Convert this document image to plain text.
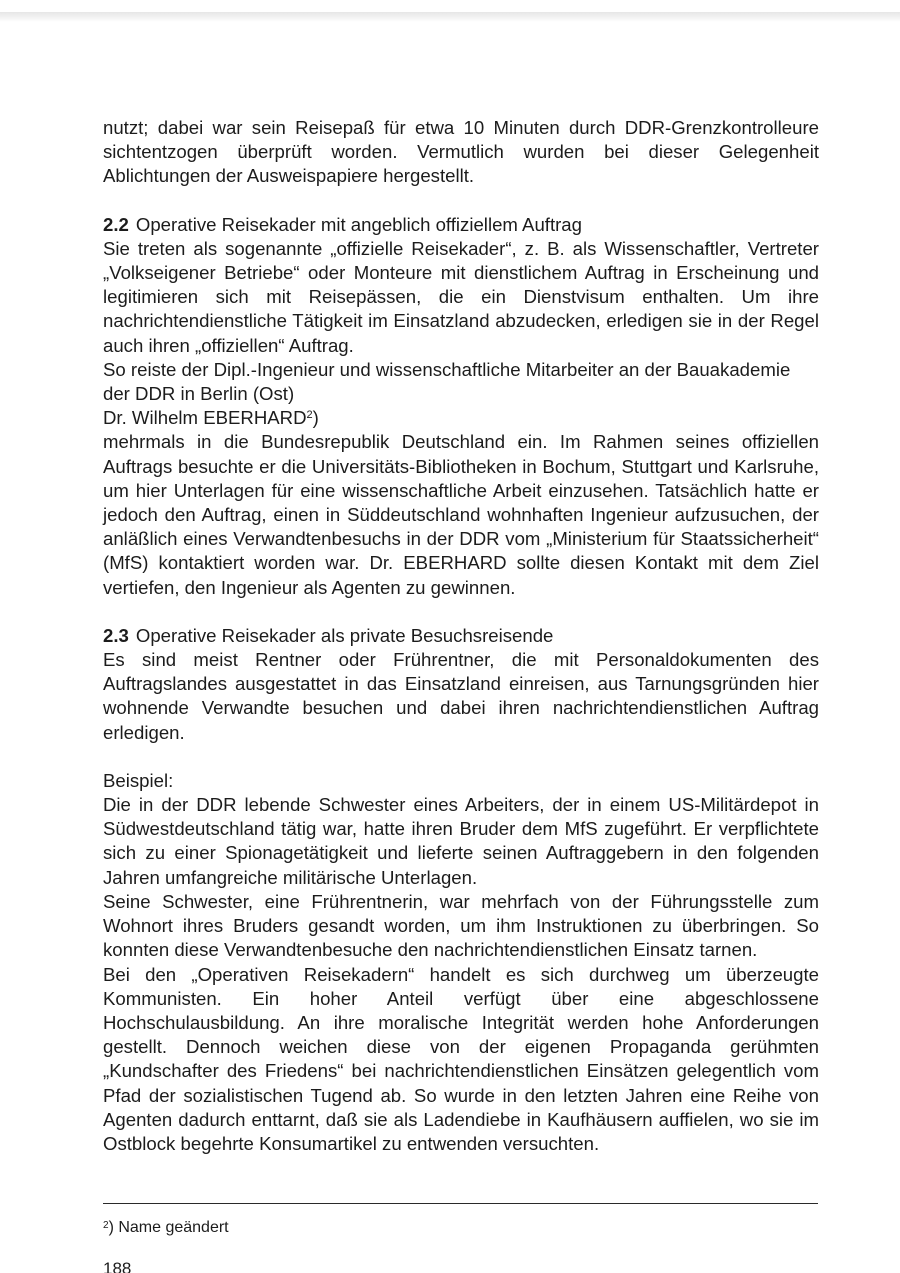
nutzt; dabei war sein Reisepaß für etwa 10 Minuten durch DDR-Grenzkontrolleure sichtentzogen überprüft worden. Vermutlich wurden bei dieser Gelegenheit Ablichtungen der Ausweispapiere hergestellt.

2.2 Operative Reisekader mit angeblich offiziellem Auftrag

Sie treten als sogenannte „offizielle Reisekader“, z. B. als Wissenschaftler, Vertreter „Volkseigener Betriebe“ oder Monteure mit dienstlichem Auftrag in Erscheinung und legitimieren sich mit Reisepässen, die ein Dienstvisum enthalten. Um ihre nachrichtendienstliche Tätigkeit im Einsatzland abzudecken, erledigen sie in der Regel auch ihren „offiziellen“ Auftrag.

So reiste der Dipl.-Ingenieur und wissenschaftliche Mitarbeiter an der Bauakademie der DDR in Berlin (Ost)

Dr. Wilhelm EBERHARD$^2$)

mehrmals in die Bundesrepublik Deutschland ein. Im Rahmen seines offiziellen Auftrags besuchte er die Universitäts-Bibliotheken in Bochum, Stuttgart und Karlsruhe, um hier Unterlagen für eine wissenschaftliche Arbeit einzusehen. Tatsächlich hatte er jedoch den Auftrag, einen in Süddeutschland wohnhaften Ingenieur aufzusuchen, der anläßlich eines Verwandtenbesuchs in der DDR vom „Ministerium für Staatssicherheit“ (MfS) kontaktiert worden war. Dr. EBERHARD sollte diesen Kontakt mit dem Ziel vertiefen, den Ingenieur als Agenten zu gewinnen.

2.3 Operative Reisekader als private Besuchsreisende

Es sind meist Rentner oder Frührentner, die mit Personaldokumenten des Auftragslandes ausgestattet in das Einsatzland einreisen, aus Tarnungsgründen hier wohnende Verwandte besuchen und dabei ihren nachrichtendienstlichen Auftrag erledigen.

Beispiel:

Die in der DDR lebende Schwester eines Arbeiters, der in einem US-Militärdepot in Südwestdeutschland tätig war, hatte ihren Bruder dem MfS zugeführt. Er verpflichtete sich zu einer Spionagetätigkeit und lieferte seinen Auftraggebern in den folgenden Jahren umfangreiche militärische Unterlagen.

Seine Schwester, eine Frührentnerin, war mehrfach von der Führungsstelle zum Wohnort ihres Bruders gesandt worden, um ihm Instruktionen zu überbringen. So konnten diese Verwandtenbesuche den nachrichtendienstlichen Einsatz tarnen.

Bei den „Operativen Reisekadern“ handelt es sich durchweg um überzeugte Kommunisten. Ein hoher Anteil verfügt über eine abgeschlossene Hochschulausbildung. An ihre moralische Integrität werden hohe Anforderungen gestellt. Dennoch weichen diese von der eigenen Propaganda gerühmten „Kundschafter des Friedens“ bei nachrichtendienstlichen Einsätzen gelegentlich vom Pfad der sozialistischen Tugend ab. So wurde in den letzten Jahren eine Reihe von Agenten dadurch enttarnt, daß sie als Ladendiebe in Kaufhäusern auffielen, wo sie im Ostblock begehrte Konsumartikel zu entwenden versuchten.

$^2$) Name geändert
188
